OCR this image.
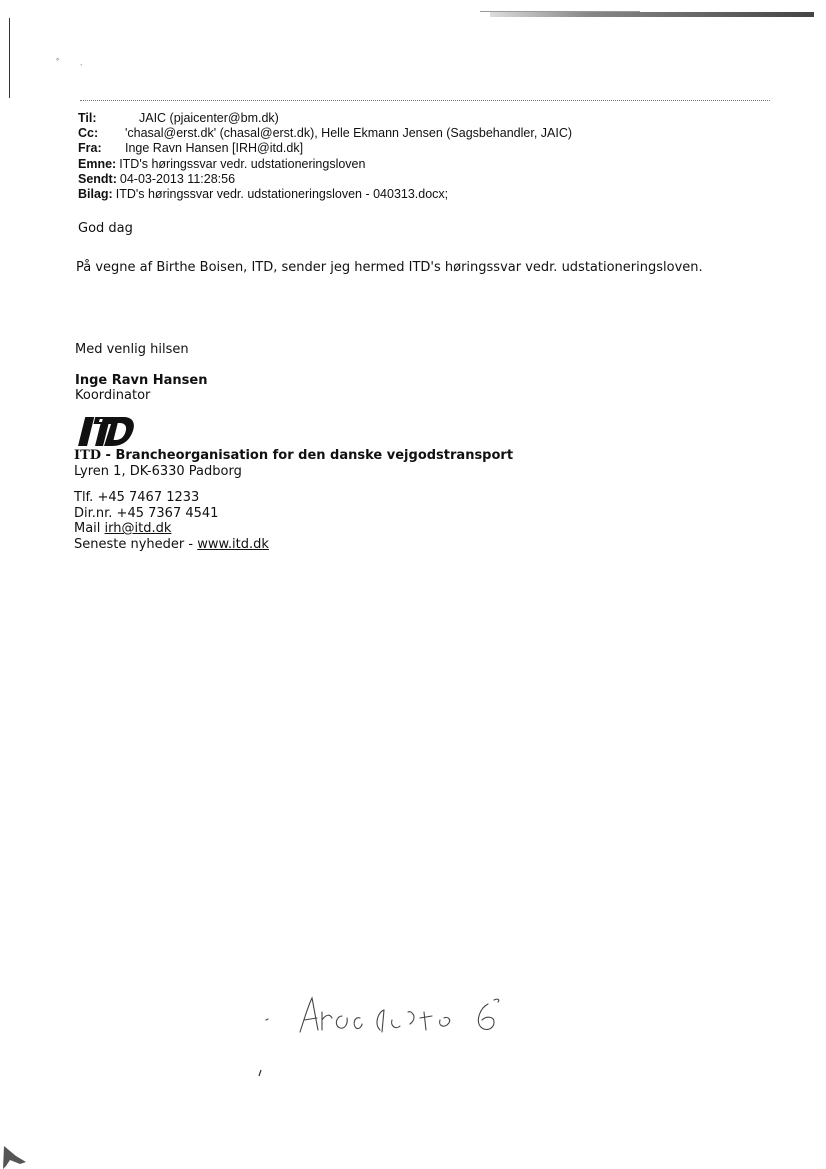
°	ˎ
Til:	JAIC (pjaicenter@bm.dk)
Cc:	'chasal@erst.dk' (chasal@erst.dk), Helle Ekmann Jensen (Sagsbehandler, JAIC)
Fra:	Inge Ravn Hansen [IRH@itd.dk]
Emne: ITD's høringssvar vedr. udstationeringsloven
Sendt: 04-03-2013 11:28:56
Bilag: ITD's høringssvar vedr. udstationeringsloven - 040313.docx;
God dag
På vegne af Birthe Boisen, ITD, sender jeg hermed ITD's høringssvar vedr. udstationeringsloven.
Med venlig hilsen
Inge Ravn Hansen
Koordinator
ITD - Brancheorganisation for den danske vejgodstransport
Lyren 1, DK-6330 Padborg
Tlf. +45 7467 1233
Dir.nr. +45 7367 4541
Mail irh@itd.dk
Seneste nyheder - www.itd.dk
